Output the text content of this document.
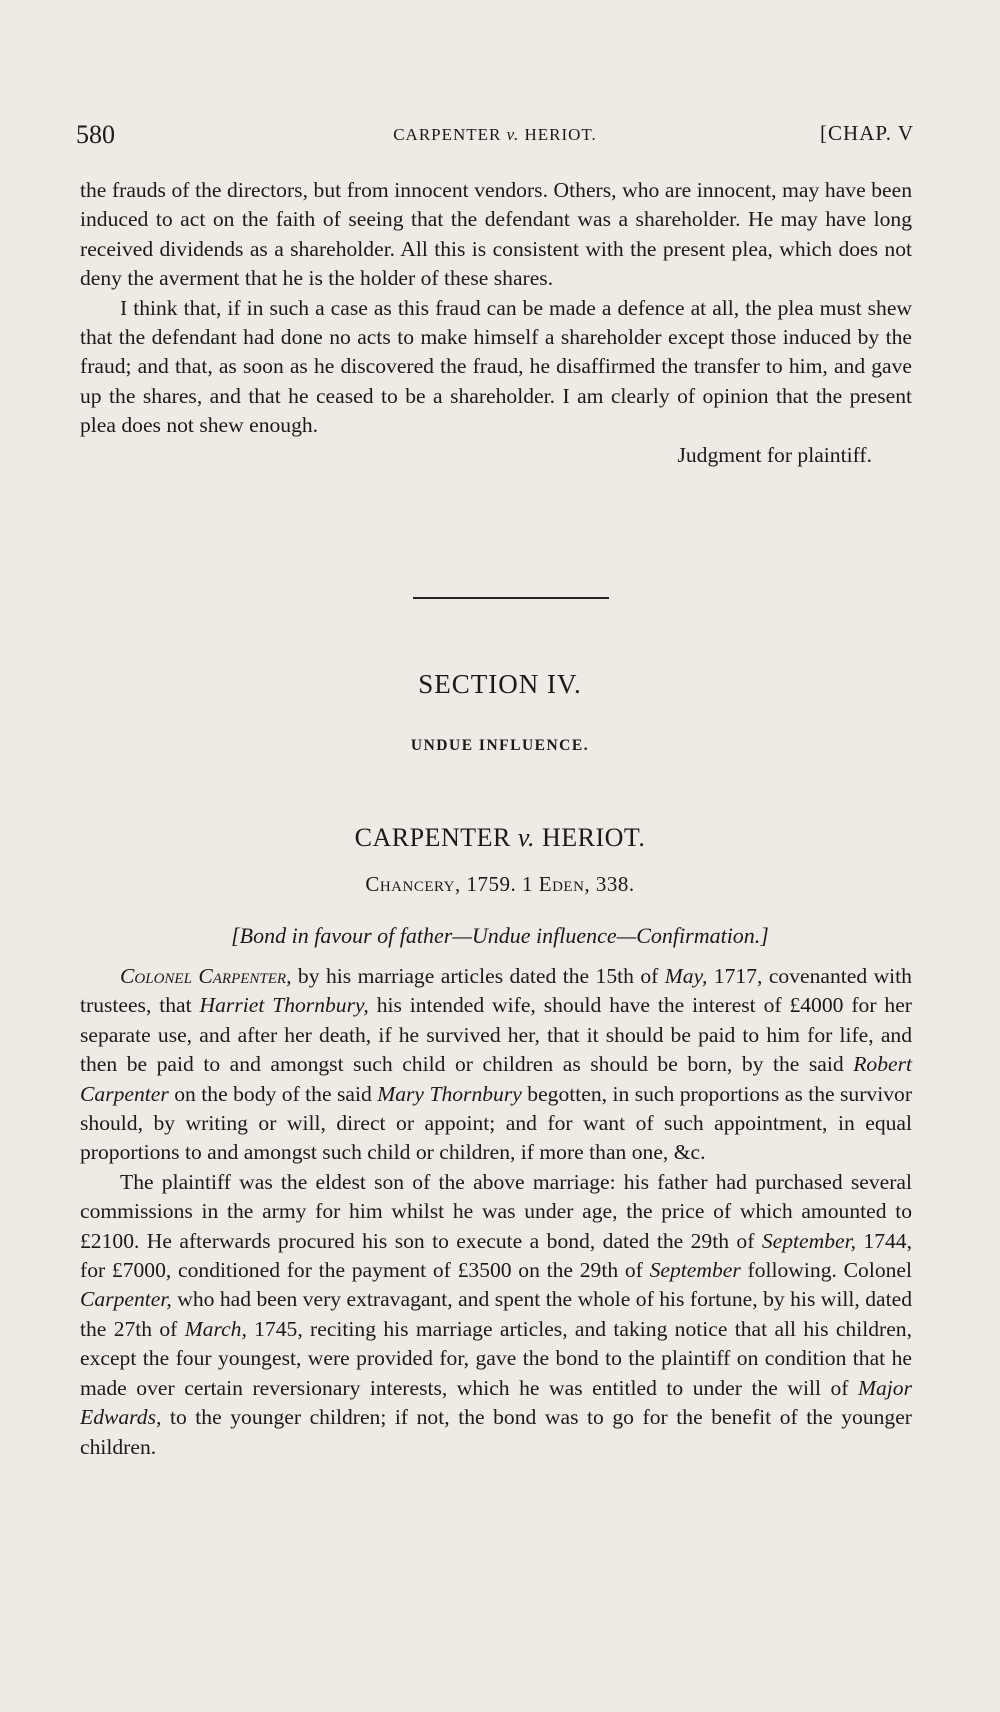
580	CARPENTER v. HERIOT.	[CHAP. V

the frauds of the directors, but from innocent vendors. Others, who are innocent, may have been induced to act on the faith of seeing that the defendant was a shareholder. He may have long received dividends as a shareholder. All this is consistent with the present plea, which does not deny the averment that he is the holder of these shares.

I think that, if in such a case as this fraud can be made a defence at all, the plea must shew that the defendant had done no acts to make himself a shareholder except those induced by the fraud; and that, as soon as he discovered the fraud, he disaffirmed the transfer to him, and gave up the shares, and that he ceased to be a shareholder. I am clearly of opinion that the present plea does not shew enough.

Judgment for plaintiff.

SECTION IV.
UNDUE INFLUENCE.
CARPENTER v. HERIOT.
Chancery, 1759. 1 Eden, 338.
[Bond in favour of father—Undue influence—Confirmation.]

Colonel Carpenter, by his marriage articles dated the 15th of May, 1717, covenanted with trustees, that Harriet Thornbury, his intended wife, should have the interest of £4000 for her separate use, and after her death, if he survived her, that it should be paid to him for life, and then be paid to and amongst such child or children as should be born, by the said Robert Carpenter on the body of the said Mary Thornbury begotten, in such proportions as the survivor should, by writing or will, direct or appoint; and for want of such appointment, in equal proportions to and amongst such child or children, if more than one, &c.

The plaintiff was the eldest son of the above marriage: his father had purchased several commissions in the army for him whilst he was under age, the price of which amounted to £2100. He afterwards procured his son to execute a bond, dated the 29th of September, 1744, for £7000, conditioned for the payment of £3500 on the 29th of September following. Colonel Carpenter, who had been very extravagant, and spent the whole of his fortune, by his will, dated the 27th of March, 1745, reciting his marriage articles, and taking notice that all his children, except the four youngest, were provided for, gave the bond to the plaintiff on condition that he made over certain reversionary interests, which he was entitled to under the will of Major Edwards, to the younger children; if not, the bond was to go for the benefit of the younger children.
